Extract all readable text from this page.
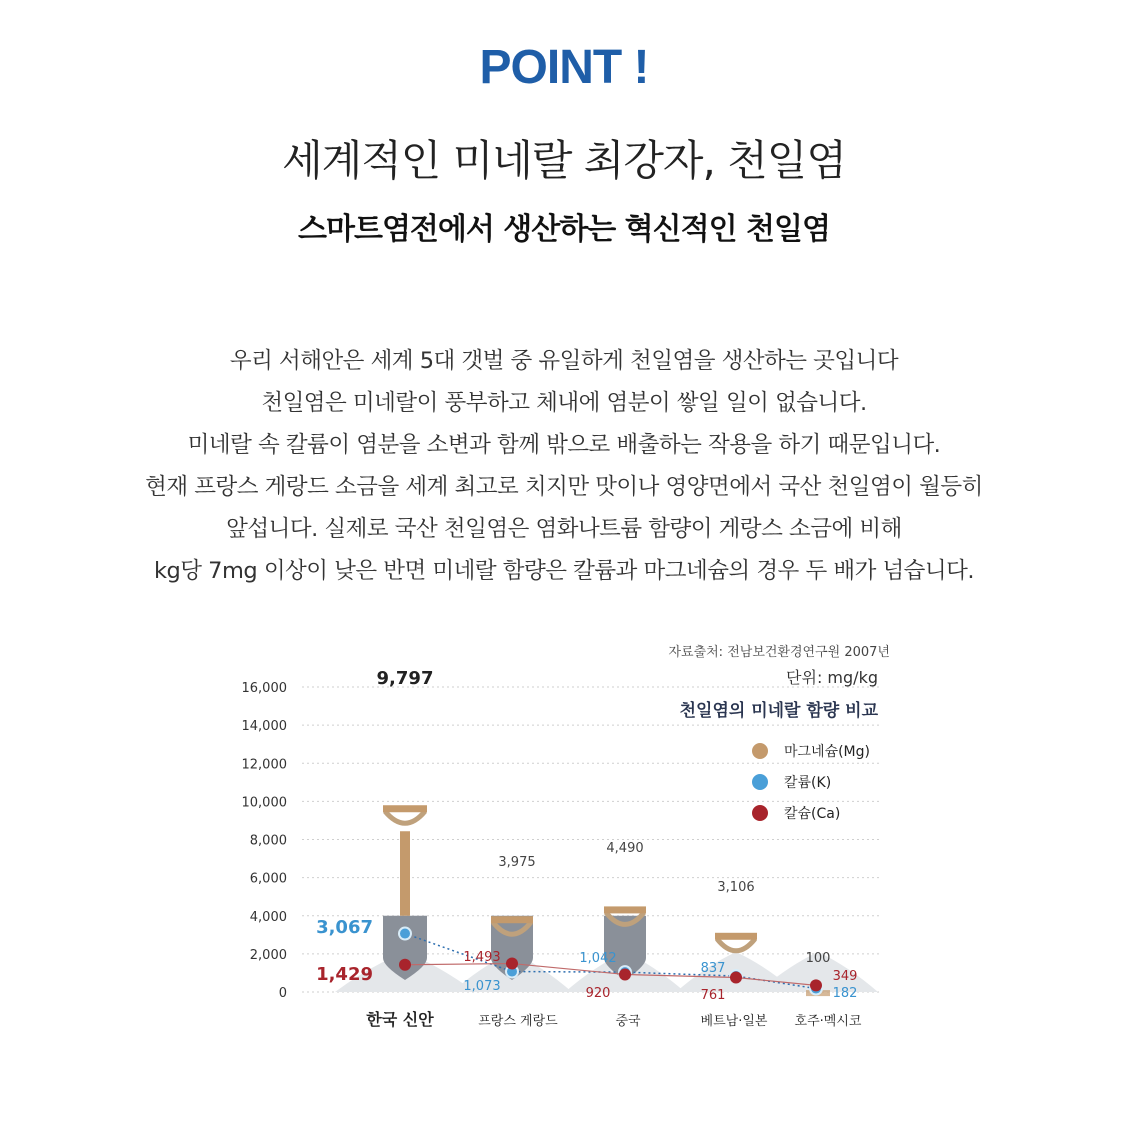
POINT !
세계적인 미네랄 최강자, 천일염
스마트염전에서 생산하는 혁신적인 천일염
우리 서해안은 세계 5대 갯벌 중 유일하게 천일염을 생산하는 곳입니다
천일염은 미네랄이 풍부하고 체내에 염분이 쌓일 일이 없습니다.
미네랄 속 칼륨이 염분을 소변과 함께 밖으로 배출하는 작용을 하기 때문입니다.
현재 프랑스 게랑드 소금을 세계 최고로 치지만 맛이나 영양면에서 국산 천일염이 월등히
앞섭니다. 실제로 국산 천일염은 염화나트륨 함량이 게랑스 소금에 비해
kg당 7mg 이상이 낮은 반면 미네랄 함량은 칼륨과 마그네슘의 경우 두 배가 넘습니다.
자료출처: 전남보건환경연구원 2007년
단위: mg/kg
천일염의 미네랄 함량 비교
0
2,000
4,000
6,000
8,000
10,000
12,000
14,000
16,000	9,797
3,975
4,490
3,106
100
3,067
1,073
1,042
837
182
1,429
1,493
920	761
349
한국 신안	프랑스 게랑드	중국	베트남·일본 호주·멕시코
마그네슘(Mg)
칼륨(K)
칼슘(Ca)
